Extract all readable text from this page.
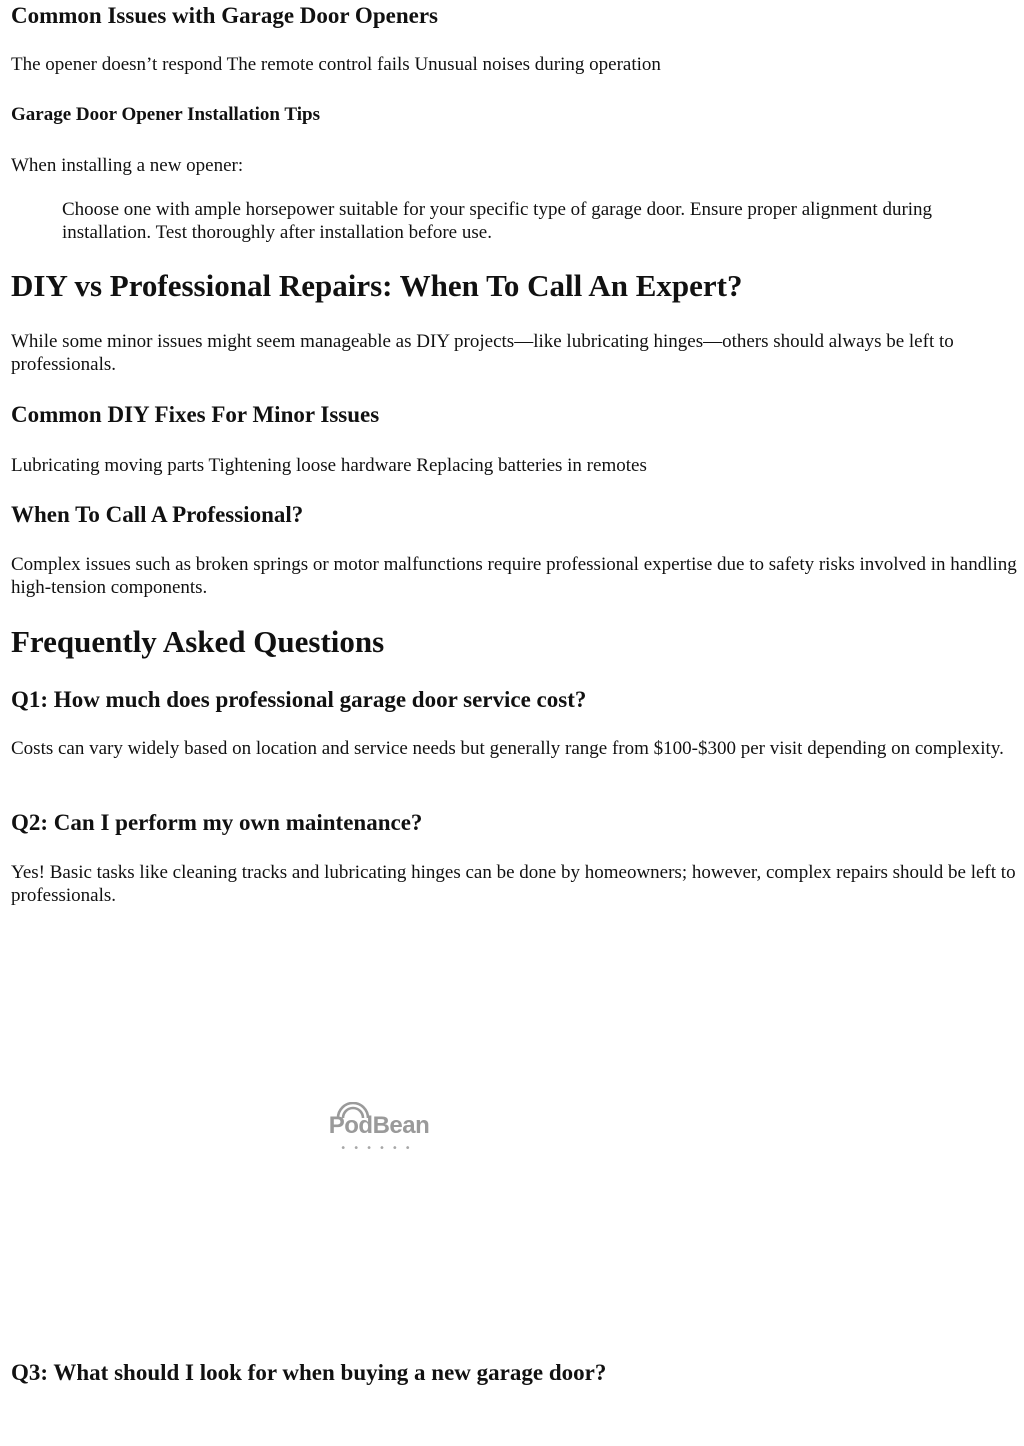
Common Issues with Garage Door Openers

The opener doesn’t respond The remote control fails Unusual noises during operation

Garage Door Opener Installation Tips

When installing a new opener:

Choose one with ample horsepower suitable for your specific type of garage door. Ensure proper alignment during installation. Test thoroughly after installation before use.
DIY vs Professional Repairs: When To Call An Expert?

While some minor issues might seem manageable as DIY projects—like lubricating hinges—others should always be left to professionals.

Common DIY Fixes For Minor Issues

Lubricating moving parts Tightening loose hardware Replacing batteries in remotes

When To Call A Professional?

Complex issues such as broken springs or motor malfunctions require professional expertise due to safety risks involved in handling high-tension components.

Frequently Asked Questions
Q1: How much does professional garage door service cost?

Costs can vary widely based on location and service needs but generally range from $100-$300 per visit depending on complexity.

Q2: Can I perform my own maintenance?

Yes! Basic tasks like cleaning tracks and lubricating hinges can be done by homeowners; however, complex repairs should be left to professionals.

PodBean
••••••
Q3: What should I look for when buying a new garage door?
